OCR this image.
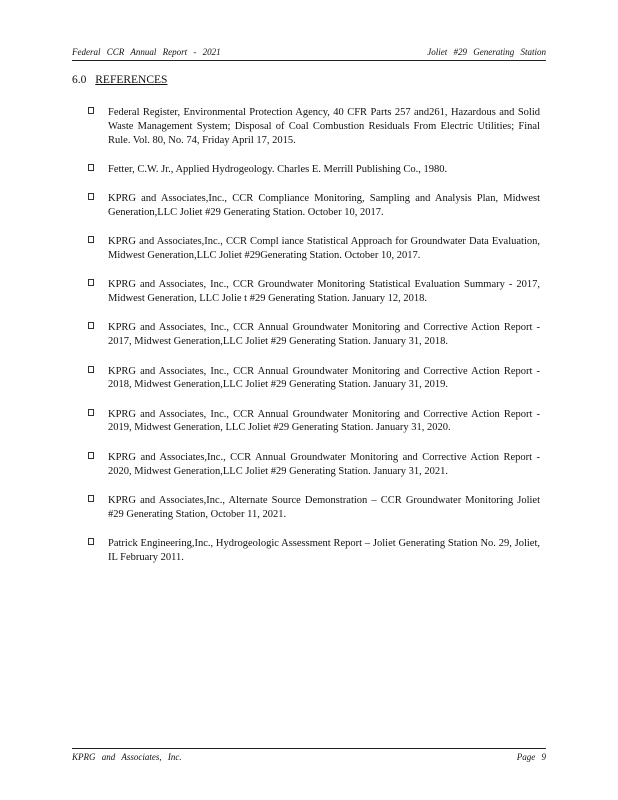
Federal CCR Annual Report - 2021	Joliet #29 Generating Station
6.0 REFERENCES
Federal Register, Environmental Protection Agency, 40 CFR Parts 257 and261, Hazardous and Solid Waste Management System; Disposal of Coal Combustion Residuals From Electric Utilities; Final Rule. Vol. 80, No. 74, Friday April 17, 2015.
Fetter, C.W. Jr., Applied Hydrogeology. Charles E. Merrill Publishing Co., 1980.
KPRG and Associates,Inc., CCR Compliance Monitoring, Sampling and Analysis Plan, Midwest Generation,LLC Joliet #29 Generating Station. October 10, 2017.
KPRG and Associates,Inc., CCR Compl iance Statistical Approach for Groundwater Data Evaluation, Midwest Generation,LLC Joliet #29Generating Station. October 10, 2017.
KPRG and Associates, Inc., CCR Groundwater Monitoring Statistical Evaluation Summary - 2017, Midwest Generation, LLC Jolie t #29 Generating Station. January 12, 2018.
KPRG and Associates, Inc., CCR Annual Groundwater Monitoring and Corrective Action Report - 2017, Midwest Generation,LLC Joliet #29 Generating Station. January 31, 2018.
KPRG and Associates, Inc., CCR Annual Groundwater Monitoring and Corrective Action Report - 2018, Midwest Generation,LLC Joliet #29 Generating Station. January 31, 2019.
KPRG and Associates, Inc., CCR Annual Groundwater Monitoring and Corrective Action Report - 2019, Midwest Generation, LLC Joliet #29 Generating Station. January 31, 2020.
KPRG and Associates,Inc., CCR Annual Groundwater Monitoring and Corrective Action Report - 2020, Midwest Generation,LLC Joliet #29 Generating Station. January 31, 2021.
KPRG and Associates,Inc., Alternate Source Demonstration – CCR Groundwater Monitoring Joliet #29 Generating Station, October 11, 2021.
Patrick Engineering,Inc., Hydrogeologic Assessment Report – Joliet Generating Station No. 29, Joliet, IL February 2011.
KPRG and Associates, Inc.	Page 9
